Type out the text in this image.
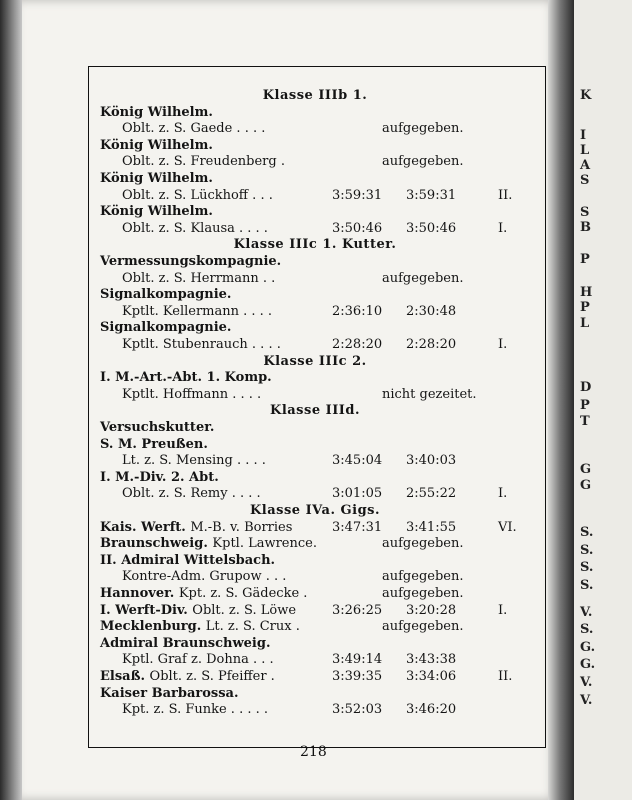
Klasse IIIb 1.
König Wilhelm.
Oblt. z. S. Gaede . . . .	aufgegeben.
König Wilhelm.
Oblt. z. S. Freudenberg .	aufgegeben.
König Wilhelm.
Oblt. z. S. Lückhoff . . .	3:59:31 3:59:31	II.
König Wilhelm.
Oblt. z. S. Klausa . . . .	3:50:46 3:50:46	I.
Klasse IIIc 1. Kutter.
Vermessungskompagnie.
Oblt. z. S. Herrmann . .	aufgegeben.
Signalkompagnie.
Kptlt. Kellermann . . . .	2:36:10 2:30:48
Signalkompagnie.
Kptlt. Stubenrauch . . . .	2:28:20 2:28:20	I.
Klasse IIIc 2.
I. M.-Art.-Abt. 1. Komp.
Kptlt. Hoffmann . . . .	nicht gezeitet.
Klasse IIId.
Versuchskutter.
S. M. Preußen.
Lt. z. S. Mensing . . . .	3:45:04 3:40:03
I. M.-Div. 2. Abt.
Oblt. z. S. Remy . . . .	3:01:05 2:55:22	I.
Klasse IVa. Gigs.
Kais. Werft. M.-B. v. Borries	3:47:31 3:41:55	VI.
Braunschweig. Kptl. Lawrence.	aufgegeben.
II. Admiral Wittelsbach.
Kontre-Adm. Grupow . . .	aufgegeben.
Hannover. Kpt. z. S. Gädecke .	aufgegeben.
I. Werft-Div. Oblt. z. S. Löwe	3:26:25 3:20:28	I.
Mecklenburg. Lt. z. S. Crux .	aufgegeben.
Admiral Braunschweig.
Kptl. Graf z. Dohna . . .	3:49:14 3:43:38
Elsaß. Oblt. z. S. Pfeiffer .	3:39:35 3:34:06	II.
Kaiser Barbarossa.
Kpt. z. S. Funke . . . . .	3:52:03 3:46:20
K
I
L
A
S
S
B
P
H
P
L
D
P
T
G
G
S.
S.
S.
S.
V.
S.
G.
G.
V.
V.
218
